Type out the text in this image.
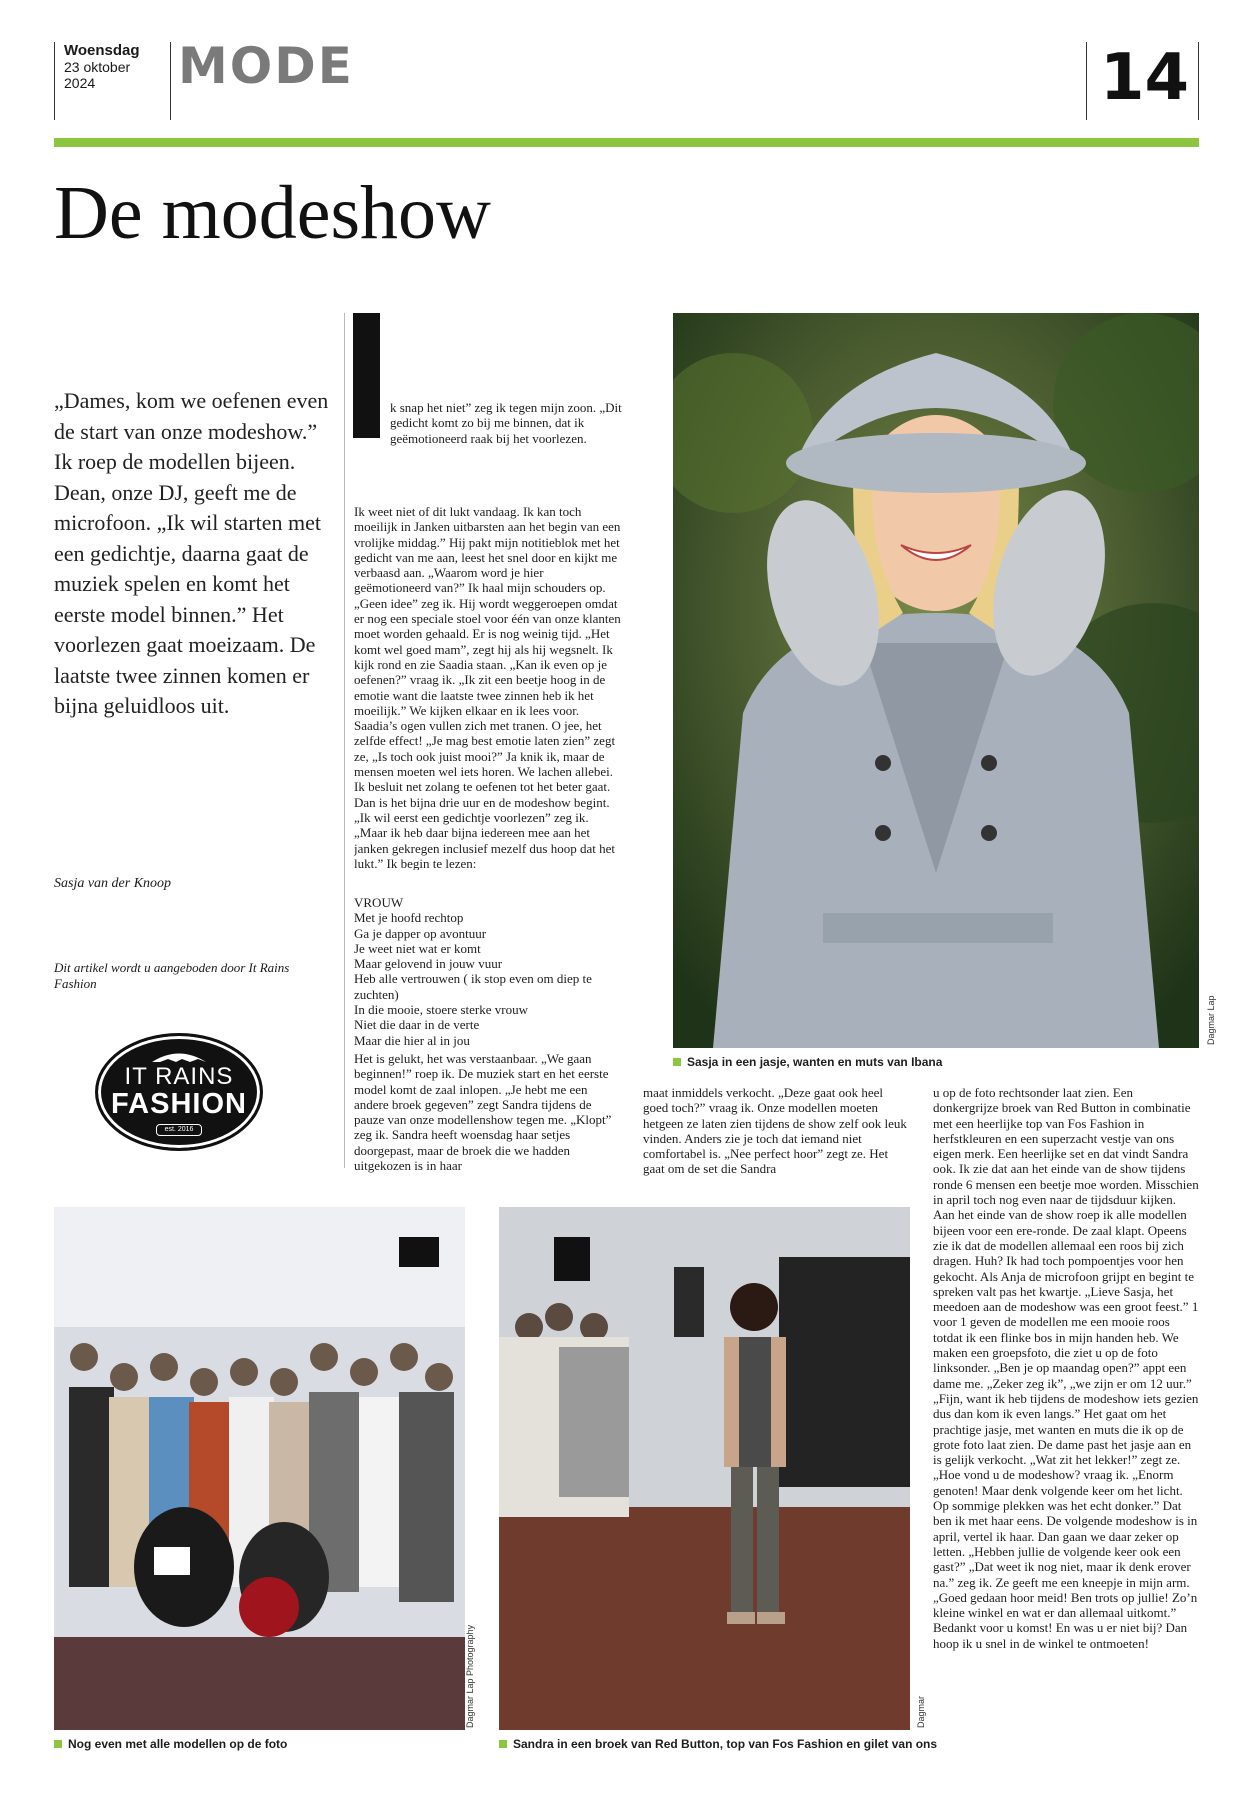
Woensdag
23 oktober 2024	MODE	14
De modeshow
„Dames, kom we oefenen even de start van onze modeshow.” Ik roep de modellen bijeen. Dean, onze DJ, geeft me de microfoon. „Ik wil starten met een gedichtje, daarna gaat de muziek spelen en komt het eerste model binnen.” Het voorlezen gaat moeizaam. De laatste twee zinnen komen er bijna geluidloos uit.
Sasja van der Knoop
Dit artikel wordt u aangeboden door It Rains Fashion
IT RAINS
FASHION
est. 2016

k snap het niet” zeg ik tegen mijn zoon. „Dit gedicht komt zo bij me binnen, dat ik geëmotioneerd raak bij het voorlezen.

Ik weet niet of dit lukt vandaag. Ik kan toch moeilijk in Janken uitbarsten aan het begin van een vrolijke middag.” Hij pakt mijn notitieblok met het gedicht van me aan, leest het snel door en kijkt me verbaasd aan. „Waarom word je hier geëmotioneerd van?” Ik haal mijn schouders op. „Geen idee” zeg ik. Hij wordt weggeroepen omdat er nog een speciale stoel voor één van onze klanten moet worden gehaald. Er is nog weinig tijd. „Het komt wel goed mam”, zegt hij als hij wegsnelt. Ik kijk rond en zie Saadia staan. „Kan ik even op je oefenen?” vraag ik. „Ik zit een beetje hoog in de emotie want die laatste twee zinnen heb ik het moeilijk.” We kijken elkaar en ik lees voor. Saadia’s ogen vullen zich met tranen. O jee, het zelfde effect! „Je mag best emotie laten zien” zegt ze, „Is toch ook juist mooi?” Ja knik ik, maar de mensen moeten wel iets horen. We lachen allebei. Ik besluit net zolang te oefenen tot het beter gaat. Dan is het bijna drie uur en de modeshow begint. „Ik wil eerst een gedichtje voorlezen” zeg ik. „Maar ik heb daar bijna iedereen mee aan het janken gekregen inclusief mezelf dus hoop dat het lukt.” Ik begin te lezen:

VROUW

Met je hoofd rechtop

Ga je dapper op avontuur

Je weet niet wat er komt

Maar gelovend in jouw vuur

Heb alle vertrouwen ( ik stop even om diep te zuchten)

In die mooie, stoere sterke vrouw

Niet die daar in de verte

Maar die hier al in jou

Het is gelukt, het was verstaanbaar. „We gaan beginnen!” roep ik. De muziek start en het eerste model komt de zaal inlopen. „Je hebt me een andere broek gegeven” zegt Sandra tijdens de pauze van onze modellenshow tegen me. „Klopt” zeg ik. Sandra heeft woensdag haar setjes doorgepast, maar de broek die we hadden uitgekozen is in haar

maat inmiddels verkocht. „Deze gaat ook heel goed toch?” vraag ik. Onze modellen moeten hetgeen ze laten zien tijdens de show zelf ook leuk vinden. Anders zie je toch dat iemand niet comfortabel is. „Nee perfect hoor” zegt ze. Het gaat om de set die Sandra

u op de foto rechtsonder laat zien. Een donkergrijze broek van Red Button in combinatie met een heerlijke top van Fos Fashion in herfstkleuren en een superzacht vestje van ons eigen merk. Een heerlijke set en dat vindt Sandra ook. Ik zie dat aan het einde van de show tijdens ronde 6 mensen een beetje moe worden. Misschien in april toch nog even naar de tijdsduur kijken. Aan het einde van de show roep ik alle modellen bijeen voor een ere-ronde. De zaal klapt. Opeens zie ik dat de modellen allemaal een roos bij zich dragen. Huh? Ik had toch pompoentjes voor hen gekocht. Als Anja de microfoon grijpt en begint te spreken valt pas het kwartje. „Lieve Sasja, het meedoen aan de modeshow was een groot feest.” 1 voor 1 geven de modellen me een mooie roos totdat ik een flinke bos in mijn handen heb. We maken een groepsfoto, die ziet u op de foto linksonder. „Ben je op maandag open?” appt een dame me. „Zeker zeg ik”, „we zijn er om 12 uur.” „Fijn, want ik heb tijdens de modeshow iets gezien dus dan kom ik even langs.” Het gaat om het prachtige jasje, met wanten en muts die ik op de grote foto laat zien. De dame past het jasje aan en is gelijk verkocht. „Wat zit het lekker!” zegt ze. „Hoe vond u de modeshow? vraag ik. „Enorm genoten! Maar denk volgende keer om het licht. Op sommige plekken was het echt donker.” Dat ben ik met haar eens. De volgende modeshow is in april, vertel ik haar. Dan gaan we daar zeker op letten. „Hebben jullie de volgende keer ook een gast?” „Dat weet ik nog niet, maar ik denk erover na.” zeg ik. Ze geeft me een kneepje in mijn arm. „Goed gedaan hoor meid! Ben trots op jullie! Zo’n kleine winkel en wat er dan allemaal uitkomt.” Bedankt voor u komst! En was u er niet bij? Dan hoop ik u snel in de winkel te ontmoeten!

Dagmar Lap
Sasja in een jasje, wanten en muts van Ibana
Dagmar Lap Photography
Nog even met alle modellen op de foto
Dagmar
Sandra in een broek van Red Button, top van Fos Fashion en gilet van ons
